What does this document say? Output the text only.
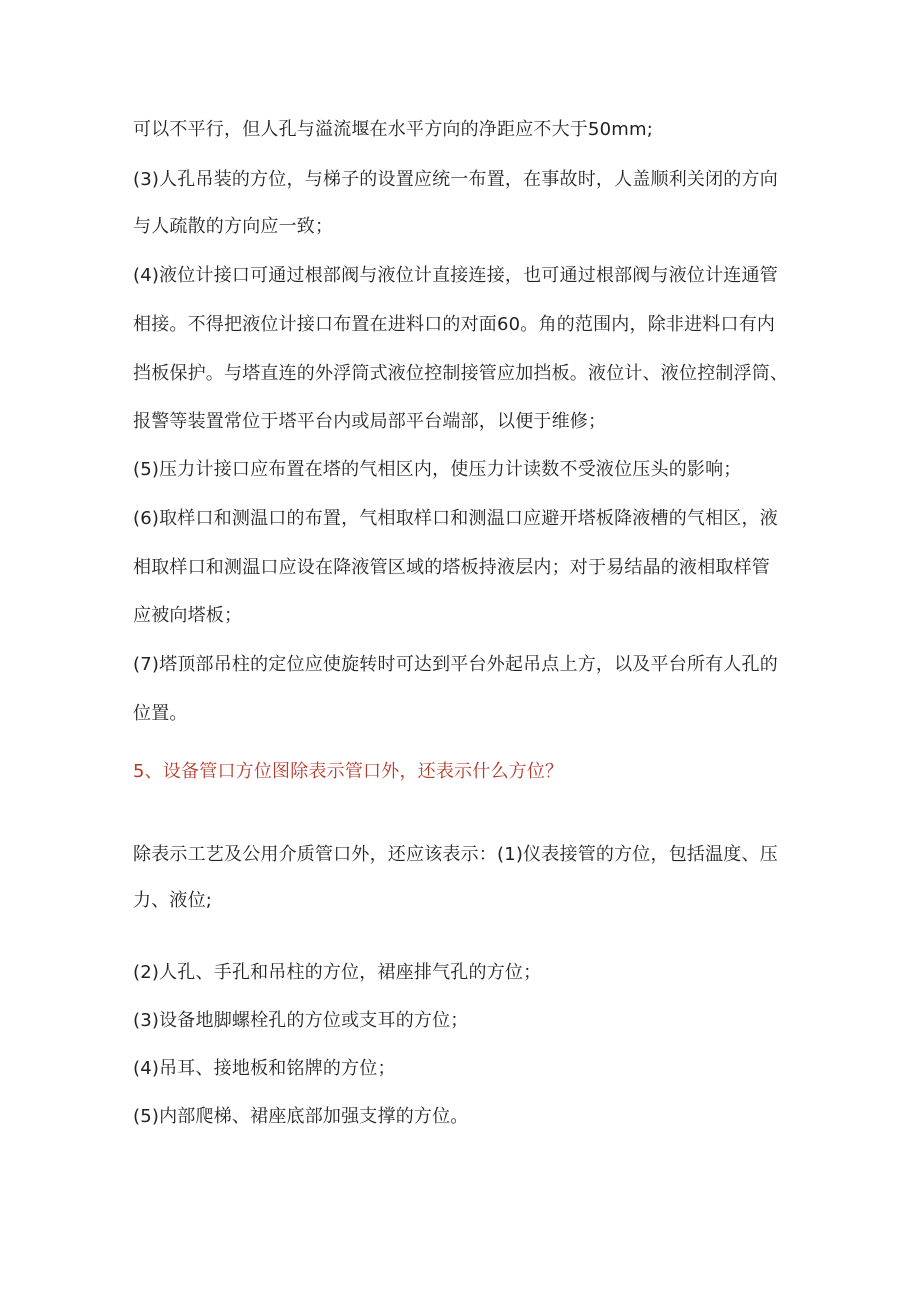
可以不平行，但人孔与溢流堰在水平方向的净距应不大于50mm;
(3)人孔吊装的方位，与梯子的设置应统一布置，在事故时，人盖顺利关闭的方向
与人疏散的方向应一致；
(4)液位计接口可通过根部阀与液位计直接连接，也可通过根部阀与液位计连通管
相接。不得把液位计接口布置在进料口的对面60。角的范围内，除非进料口有内
挡板保护。与塔直连的外浮筒式液位控制接管应加挡板。液位计、液位控制浮筒、
报警等装置常位于塔平台内或局部平台端部，以便于维修；
(5)压力计接口应布置在塔的气相区内，使压力计读数不受液位压头的影响；
(6)取样口和测温口的布置，气相取样口和测温口应避开塔板降液槽的气相区，液
相取样口和测温口应设在降液管区域的塔板持液层内；对于易结晶的液相取样管
应被向塔板；
(7)塔顶部吊柱的定位应使旋转时可达到平台外起吊点上方，以及平台所有人孔的
位置。
5、设备管口方位图除表示管口外，还表示什么方位？
除表示工艺及公用介质管口外，还应该表示：(1)仪表接管的方位，包括温度、压
力、液位;
(2)人孔、手孔和吊柱的方位，裙座排气孔的方位；
(3)设备地脚螺栓孔的方位或支耳的方位；
(4)吊耳、接地板和铭牌的方位；
(5)内部爬梯、裙座底部加强支撑的方位。
